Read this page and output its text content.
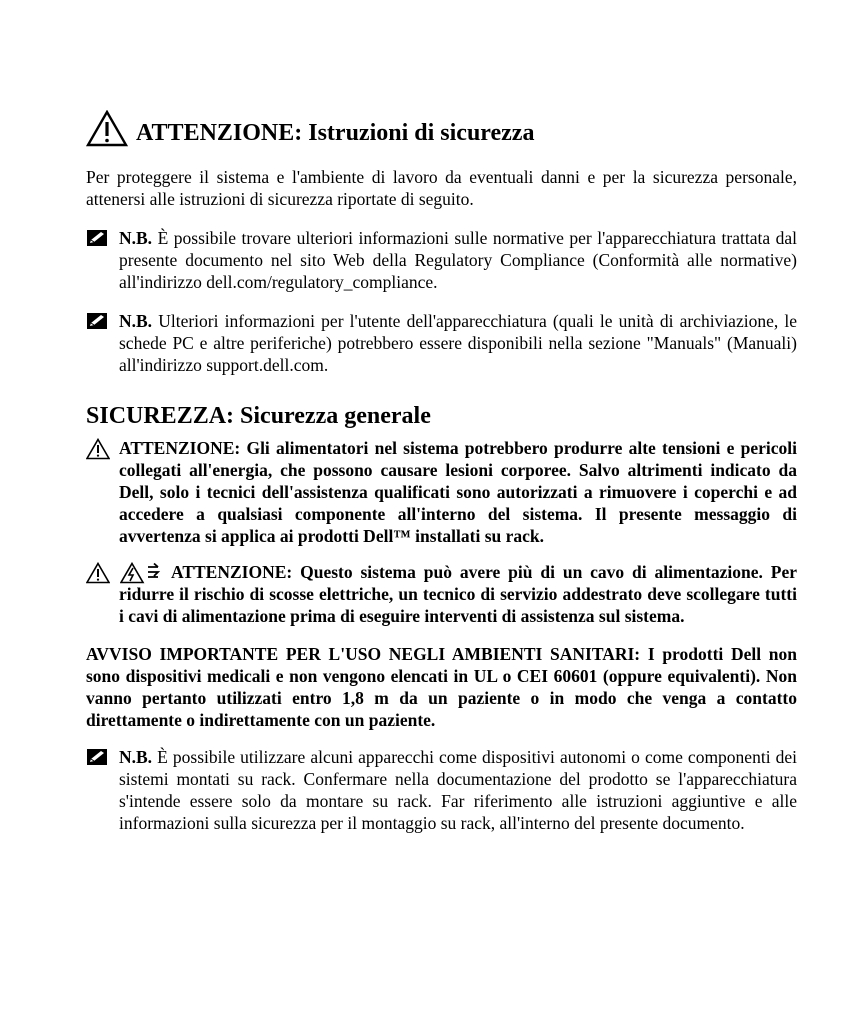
ATTENZIONE: Istruzioni di sicurezza

Per proteggere il sistema e l'ambiente di lavoro da eventuali danni e per la sicurezza personale, attenersi alle istruzioni di sicurezza riportate di seguito.

N.B. È possibile trovare ulteriori informazioni sulle normative per l'apparecchiatura trattata dal presente documento nel sito Web della Regulatory Compliance (Conformità alle normative) all'indirizzo dell.com/regulatory_compliance.
N.B. Ulteriori informazioni per l'utente dell'apparecchiatura (quali le unità di archiviazione, le schede PC e altre periferiche) potrebbero essere disponibili nella sezione "Manuals" (Manuali) all'indirizzo support.dell.com.
SICUREZZA: Sicurezza generale
ATTENZIONE: Gli alimentatori nel sistema potrebbero produrre alte tensioni e pericoli collegati all'energia, che possono causare lesioni corporee. Salvo altrimenti indicato da Dell, solo i tecnici dell'assistenza qualificati sono autorizzati a rimuovere i coperchi e ad accedere a qualsiasi componente all'interno del sistema. Il presente messaggio di avvertenza si applica ai prodotti Dell™ installati su rack.

ATTENZIONE: Questo sistema può avere più di un cavo di alimentazione. Per ridurre il rischio di scosse elettriche, un tecnico di servizio addestrato deve scollegare tutti i cavi di alimentazione prima di eseguire interventi di assistenza sul sistema.

AVVISO IMPORTANTE PER L'USO NEGLI AMBIENTI SANITARI: I prodotti Dell non sono dispositivi medicali e non vengono elencati in UL o CEI 60601 (oppure equivalenti). Non vanno pertanto utilizzati entro 1,8 m da un paziente o in modo che venga a contatto direttamente o indirettamente con un paziente.

N.B. È possibile utilizzare alcuni apparecchi come dispositivi autonomi o come componenti dei sistemi montati su rack. Confermare nella documentazione del prodotto se l'apparecchiatura s'intende essere solo da montare su rack. Far riferimento alle istruzioni aggiuntive e alle informazioni sulla sicurezza per il montaggio su rack, all'interno del presente documento.
